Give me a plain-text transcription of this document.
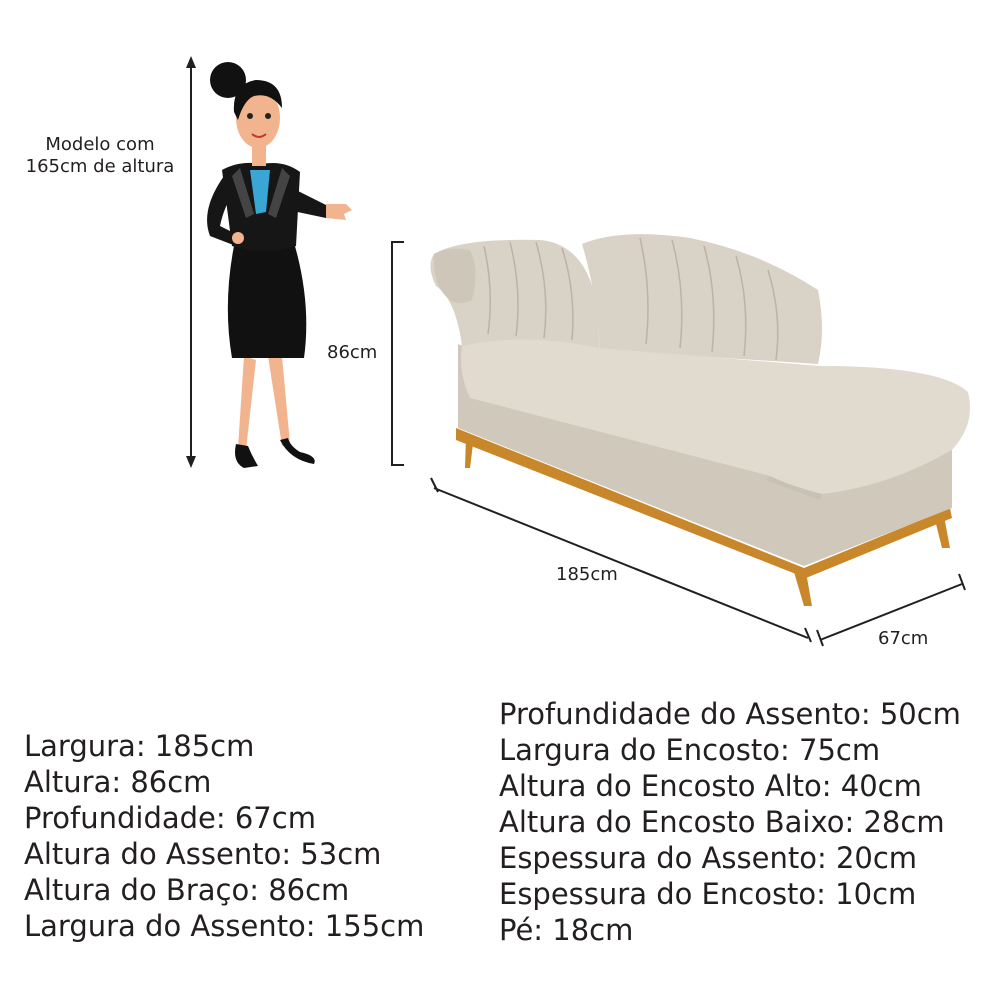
Modelo com
165cm de altura
86cm
185cm
67cm
Largura: 185cm
Altura: 86cm
Profundidade: 67cm
Altura do Assento: 53cm
Altura do Braço: 86cm
Largura do Assento: 155cm
Profundidade do Assento: 50cm
Largura do Encosto: 75cm
Altura do Encosto Alto: 40cm
Altura do Encosto Baixo: 28cm
Espessura do Assento: 20cm
Espessura do Encosto: 10cm
Pé: 18cm
